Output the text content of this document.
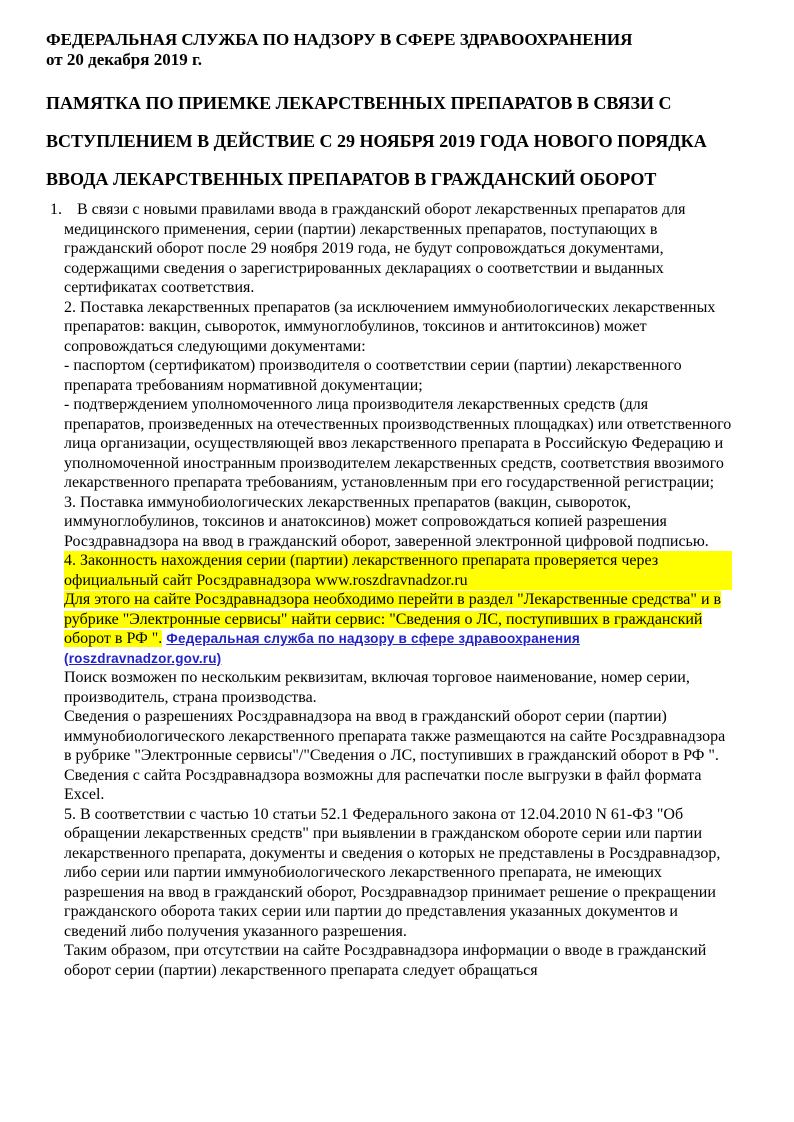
ФЕДЕРАЛЬНАЯ СЛУЖБА ПО НАДЗОРУ В СФЕРЕ ЗДРАВООХРАНЕНИЯ
от 20 декабря 2019 г.
ПАМЯТКА ПО ПРИЕМКЕ ЛЕКАРСТВЕННЫХ ПРЕПАРАТОВ В СВЯЗИ С
ВСТУПЛЕНИЕМ В ДЕЙСТВИЕ С 29 НОЯБРЯ 2019 ГОДА НОВОГО ПОРЯДКА
ВВОДА ЛЕКАРСТВЕННЫХ ПРЕПАРАТОВ В ГРАЖДАНСКИЙ ОБОРОТ
1. В связи с новыми правилами ввода в гражданский оборот лекарственных препаратов для медицинского применения, серии (партии) лекарственных препаратов, поступающих в гражданский оборот после 29 ноября 2019 года, не будут сопровождаться документами, содержащими сведения о зарегистрированных декларациях о соответствии и выданных сертификатах соответствия.
2. Поставка лекарственных препаратов (за исключением иммунобиологических лекарственных препаратов: вакцин, сывороток, иммуноглобулинов, токсинов и антитоксинов) может сопровождаться следующими документами:
- паспортом (сертификатом) производителя о соответствии серии (партии) лекарственного препарата требованиям нормативной документации;
- подтверждением уполномоченного лица производителя лекарственных средств (для препаратов, произведенных на отечественных производственных площадках) или ответственного лица организации, осуществляющей ввоз лекарственного препарата в Российскую Федерацию и уполномоченной иностранным производителем лекарственных средств, соответствия ввозимого лекарственного препарата требованиям, установленным при его государственной регистрации;
3. Поставка иммунобиологических лекарственных препаратов (вакцин, сывороток, иммуноглобулинов, токсинов и анатоксинов) может сопровождаться копией разрешения Росздравнадзора на ввод в гражданский оборот, заверенной электронной цифровой подписью.
4. Законность нахождения серии (партии) лекарственного препарата проверяется через официальный сайт Росздравнадзора www.roszdravnadzor.ru
Для этого на сайте Росздравнадзора необходимо перейти в раздел "Лекарственные средства" и в рубрике "Электронные сервисы" найти сервис: "Сведения о ЛС, поступивших в гражданский оборот в РФ ". Федеральная служба по надзору в сфере здравоохранения (roszdravnadzor.gov.ru)
Поиск возможен по нескольким реквизитам, включая торговое наименование, номер серии, производитель, страна производства.
Сведения о разрешениях Росздравнадзора на ввод в гражданский оборот серии (партии) иммунобиологического лекарственного препарата также размещаются на сайте Росздравнадзора в рубрике "Электронные сервисы"/"Сведения о ЛС, поступивших в гражданский оборот в РФ ".
Сведения с сайта Росздравнадзора возможны для распечатки после выгрузки в файл формата Excel.
5. В соответствии с частью 10 статьи 52.1 Федерального закона от 12.04.2010 N 61-ФЗ "Об обращении лекарственных средств" при выявлении в гражданском обороте серии или партии лекарственного препарата, документы и сведения о которых не представлены в Росздравнадзор, либо серии или партии иммунобиологического лекарственного препарата, не имеющих разрешения на ввод в гражданский оборот, Росздравнадзор принимает решение о прекращении гражданского оборота таких серии или партии до представления указанных документов и сведений либо получения указанного разрешения.
Таким образом, при отсутствии на сайте Росздравнадзора информации о вводе в гражданский оборот серии (партии) лекарственного препарата следует обращаться
